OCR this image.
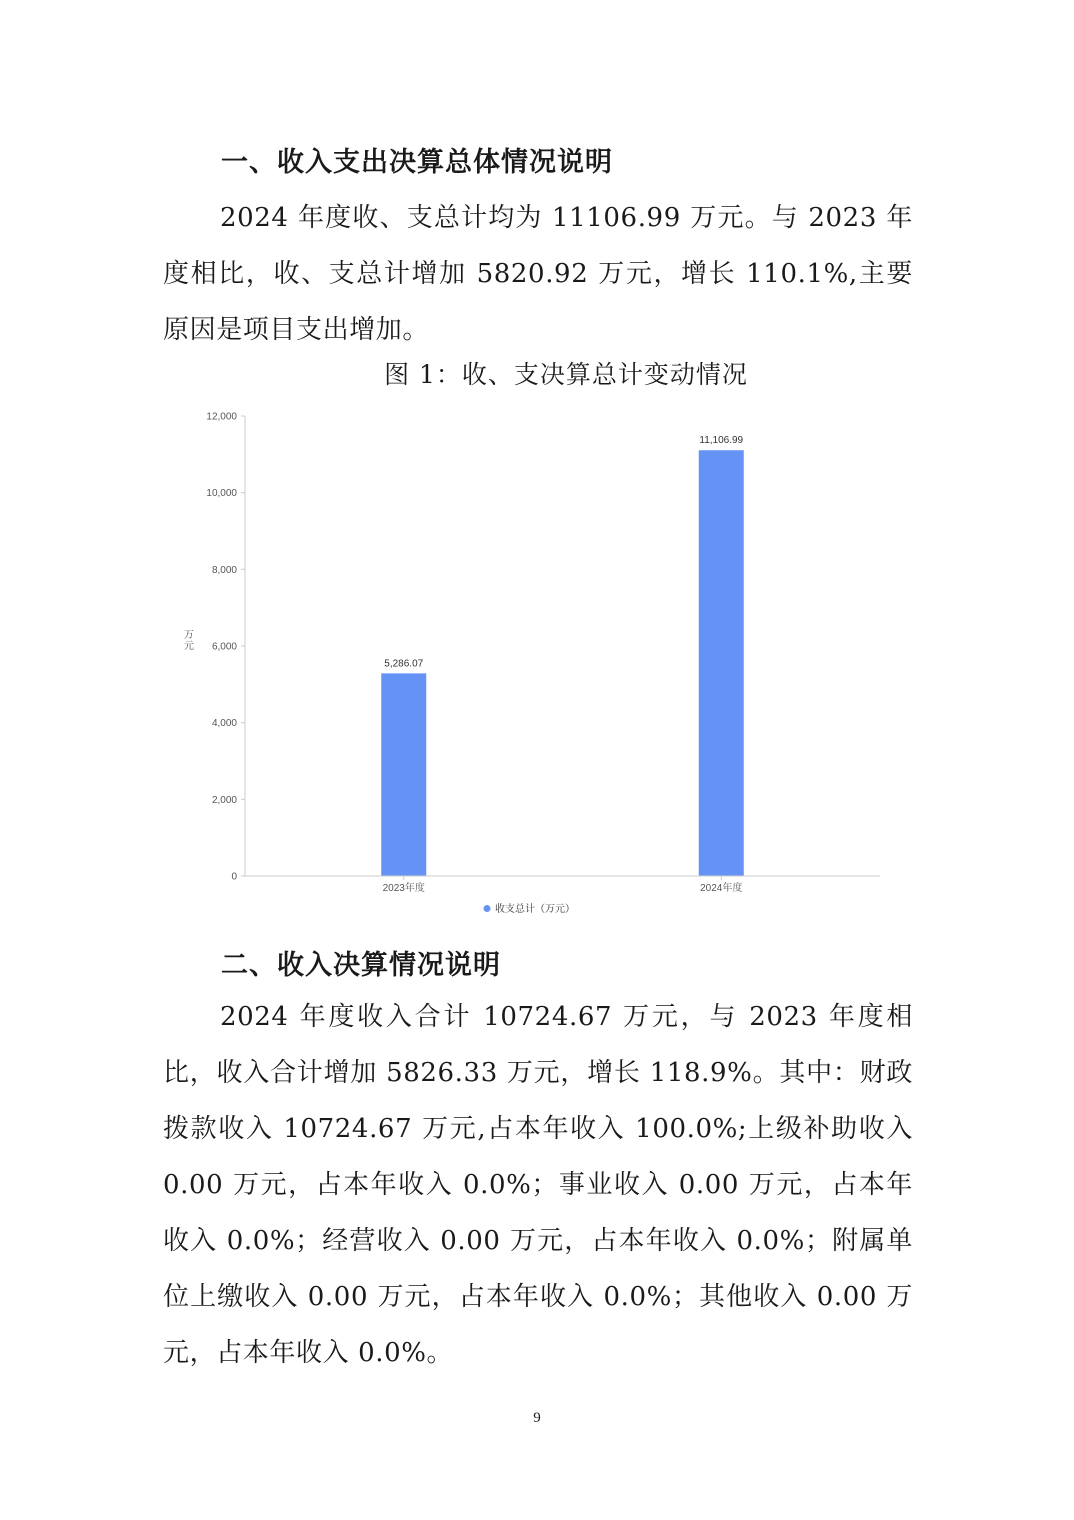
一、收入支出决算总体情况说明

2024 年度收、支总计均为 11106.99 万元。与 2023 年度相比，收、支总计增加 5820.92 万元，增长 110.1%,主要原因是项目支出增加。

图 1：收、支决算总计变动情况

0
2,000
4,000
6,000
8,000
10,000
12,000
万
元
5,286.07
11,106.99
2023年度	2024年度
收支总计（万元）
二、收入决算情况说明

2024 年度收入合计 10724.67 万元，与 2023 年度相比，收入合计增加 5826.33 万元，增长 118.9%。其中：财政拨款收入 10724.67 万元,占本年收入 100.0%;上级补助收入 0.00 万元，占本年收入 0.0%；事业收入 0.00 万元，占本年收入 0.0%；经营收入 0.00 万元，占本年收入 0.0%；附属单位上缴收入 0.00 万元，占本年收入 0.0%；其他收入 0.00 万元，占本年收入 0.0%。

9
